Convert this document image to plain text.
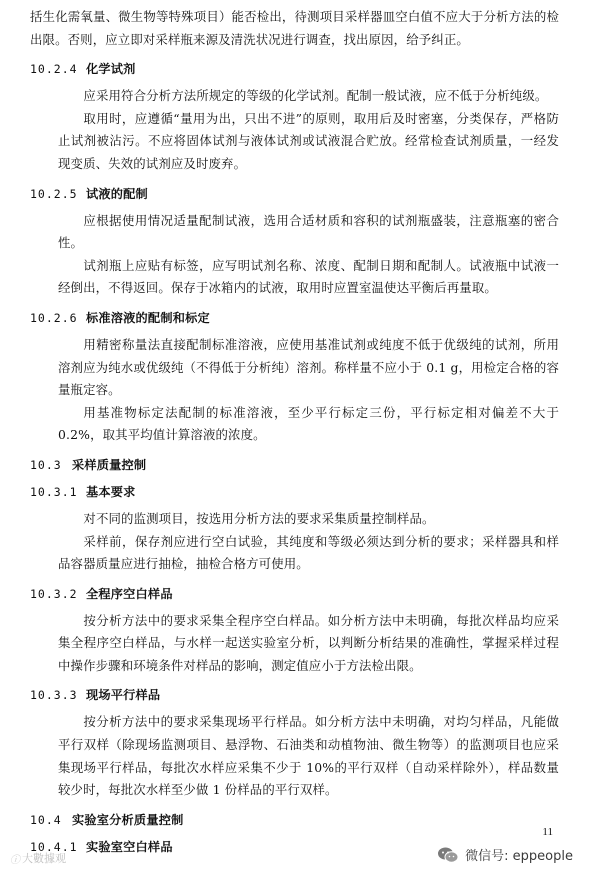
括生化需氧量、微生物等特殊项目）能否检出，待测项目采样器皿空白值不应大于分析方法的检出限。否则，应立即对采样瓶来源及清洗状况进行调查，找出原因，给予纠正。

10.2.4 化学试剂

应采用符合分析方法所规定的等级的化学试剂。配制一般试液，应不低于分析纯级。

取用时，应遵循“量用为出，只出不进”的原则，取用后及时密塞，分类保存，严格防止试剂被沾污。不应将固体试剂与液体试剂或试液混合贮放。经常检查试剂质量，一经发现变质、失效的试剂应及时废弃。

10.2.5 试液的配制

应根据使用情况适量配制试液，选用合适材质和容积的试剂瓶盛装，注意瓶塞的密合性。

试剂瓶上应贴有标签，应写明试剂名称、浓度、配制日期和配制人。试液瓶中试液一经倒出，不得返回。保存于冰箱内的试液，取用时应置室温使达平衡后再量取。

10.2.6 标准溶液的配制和标定

用精密称量法直接配制标准溶液，应使用基准试剂或纯度不低于优级纯的试剂，所用溶剂应为纯水或优级纯（不得低于分析纯）溶剂。称样量不应小于 0.1 g，用检定合格的容量瓶定容。

用基准物标定法配制的标准溶液，至少平行标定三份，平行标定相对偏差不大于 0.2%，取其平均值计算溶液的浓度。

10.3 采样质量控制
10.3.1 基本要求

对不同的监测项目，按选用分析方法的要求采集质量控制样品。

采样前，保存剂应进行空白试验，其纯度和等级必须达到分析的要求；采样器具和样品容器质量应进行抽检，抽检合格方可使用。

10.3.2 全程序空白样品

按分析方法中的要求采集全程序空白样品。如分析方法中未明确，每批次样品均应采集全程序空白样品，与水样一起送实验室分析，以判断分析结果的准确性，掌握采样过程中操作步骤和环境条件对样品的影响，测定值应小于方法检出限。

10.3.3 现场平行样品

按分析方法中的要求采集现场平行样品。如分析方法中未明确，对均匀样品，凡能做平行双样（除现场监测项目、悬浮物、石油类和动植物油、微生物等）的监测项目也应采集现场平行样品，每批次水样应采集不少于 10%的平行双样（自动采样除外），样品数量较少时，每批次水样至少做 1 份样品的平行双样。

10.4 实验室分析质量控制
10.4.1 实验室空白样品
11
ⓘ 大數據观	微信号: eppeople
